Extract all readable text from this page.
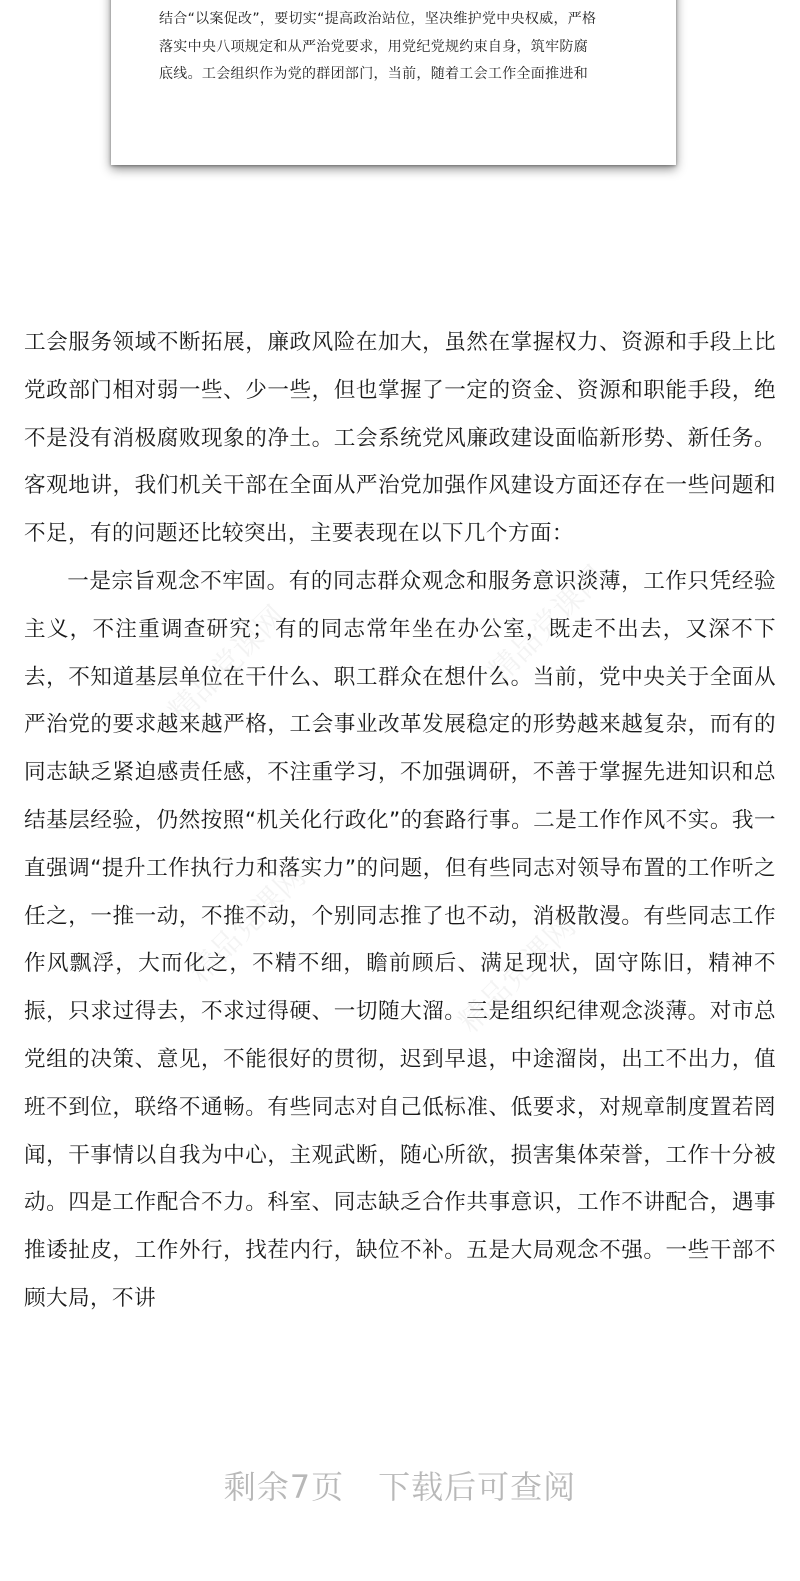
精品党课网	精品党课网
精品党课网	精品党课网

结合“以案促改”，要切实“提高政治站位，坚决维护党中央权威，严格
落实中央八项规定和从严治党要求，用党纪党规约束自身，筑牢防腐
底线。工会组织作为党的群团部门，当前，随着工会工作全面推进和

工会服务领域不断拓展，廉政风险在加大，虽然在掌握权力、资源和手段上比党政部门相对弱一些、少一些，但也掌握了一定的资金、资源和职能手段，绝不是没有消极腐败现象的净土。工会系统党风廉政建设面临新形势、新任务。客观地讲，我们机关干部在全面从严治党加强作风建设方面还存在一些问题和不足，有的问题还比较突出，主要表现在以下几个方面：

一是宗旨观念不牢固。有的同志群众观念和服务意识淡薄，工作只凭经验主义，不注重调查研究；有的同志常年坐在办公室，既走不出去，又深不下去，不知道基层单位在干什么、职工群众在想什么。当前，党中央关于全面从严治党的要求越来越严格，工会事业改革发展稳定的形势越来越复杂，而有的同志缺乏紧迫感责任感，不注重学习，不加强调研，不善于掌握先进知识和总结基层经验，仍然按照“机关化行政化”的套路行事。二是工作作风不实。我一直强调“提升工作执行力和落实力”的问题，但有些同志对领导布置的工作听之任之，一推一动，不推不动，个别同志推了也不动，消极散漫。有些同志工作作风飘浮，大而化之，不精不细，瞻前顾后、满足现状，固守陈旧，精神不振，只求过得去，不求过得硬、一切随大溜。三是组织纪律观念淡薄。对市总党组的决策、意见，不能很好的贯彻，迟到早退，中途溜岗，出工不出力，值班不到位，联络不通畅。有些同志对自己低标准、低要求，对规章制度置若罔闻，干事情以自我为中心，主观武断，随心所欲，损害集体荣誉，工作十分被动。四是工作配合不力。科室、同志缺乏合作共事意识，工作不讲配合，遇事推诿扯皮，工作外行，找茬内行，缺位不补。五是大局观念不强。一些干部不顾大局，不讲

剩余7页 下载后可查阅
